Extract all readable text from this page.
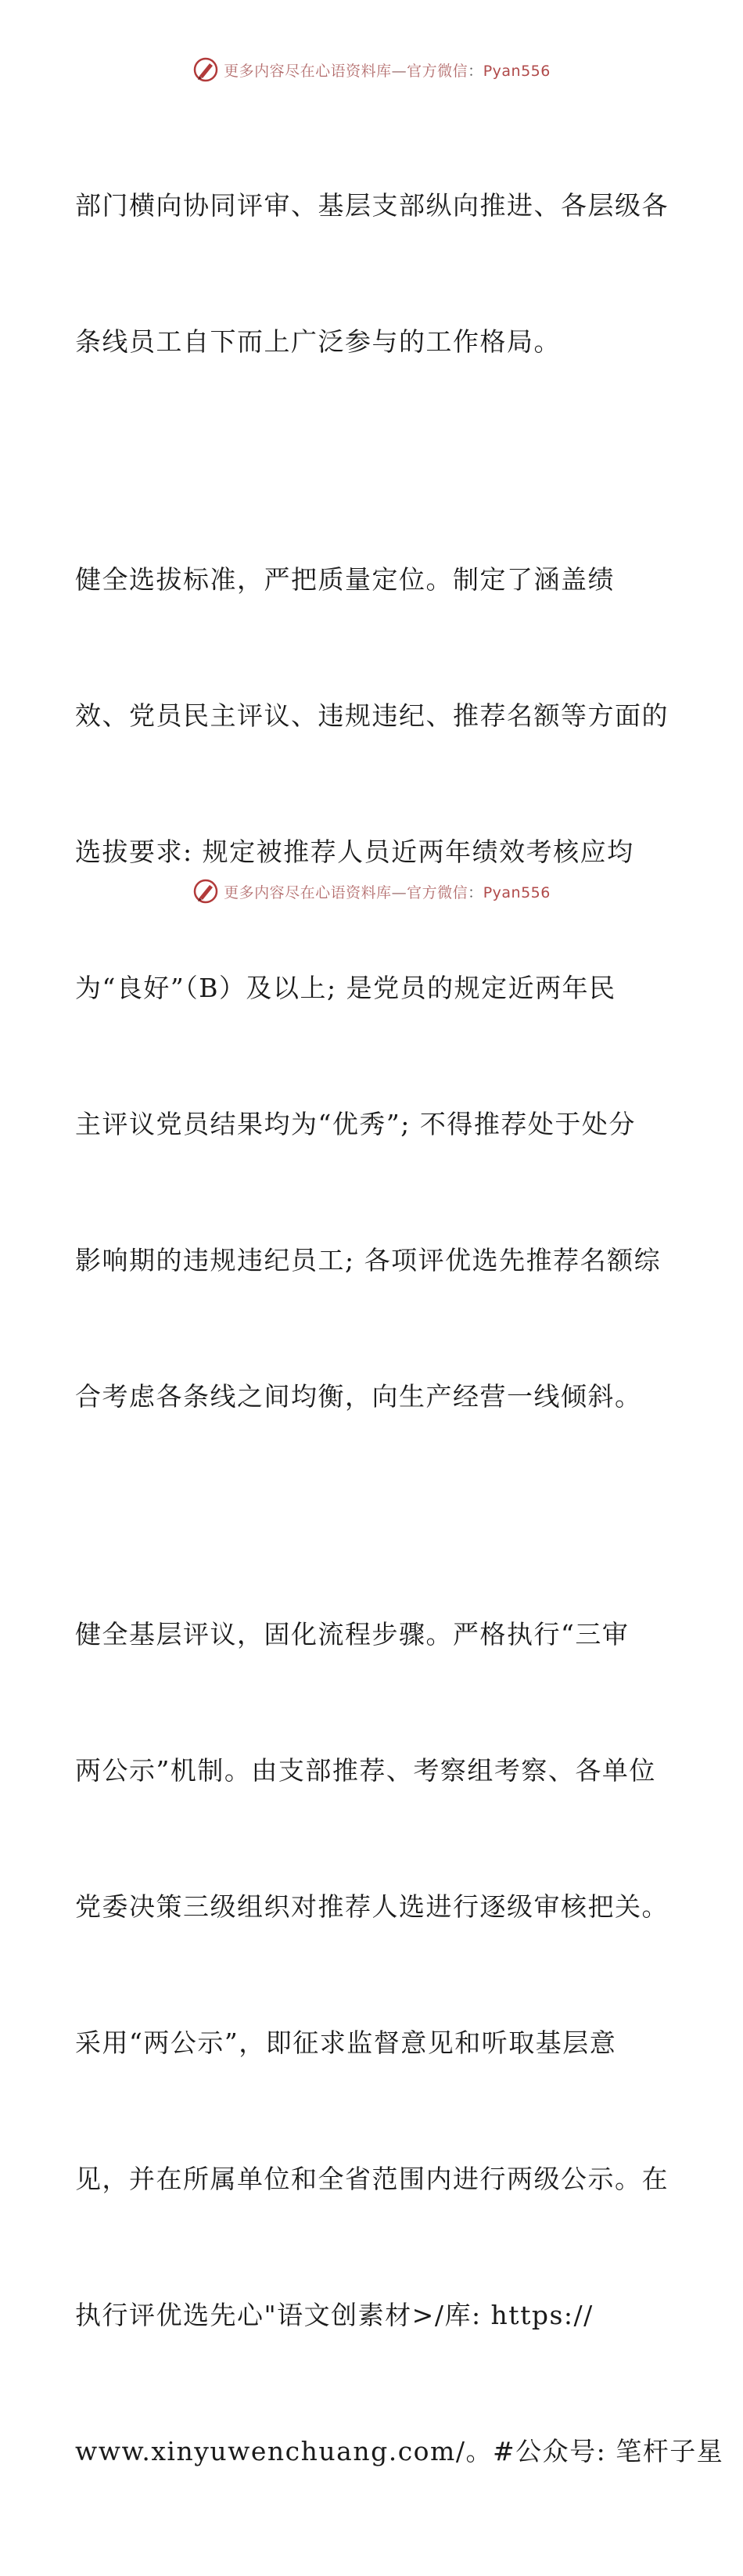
更多内容尽在心语资料库—官方微信：Pyan556

部门横向协同评审、基层支部纵向推进、各层级各

条线员工自下而上广泛参与的工作格局。

健全选拔标准，严把质量定位。制定了涵盖绩

效、党员民主评议、违规违纪、推荐名额等方面的

选拔要求: 规定被推荐人员近两年绩效考核应均

为“良好”（B）及以上; 是党员的规定近两年民

主评议党员结果均为“优秀”; 不得推荐处于处分

影响期的违规违纪员工; 各项评优选先推荐名额综

合考虑各条线之间均衡，向生产经营一线倾斜。

健全基层评议，固化流程步骤。严格执行“三审

两公示”机制。由支部推荐、考察组考察、各单位

党委决策三级组织对推荐人选进行逐级审核把关。

采用“两公示”，即征求监督意见和听取基层意

见，并在所属单位和全省范围内进行两级公示。在

执行评优选先心"语文创素材>/库: https://

www.xinyuwenchuang.com/。#公众号: 笔杆子星

更多内容尽在心语资料库—官方微信：Pyan556
